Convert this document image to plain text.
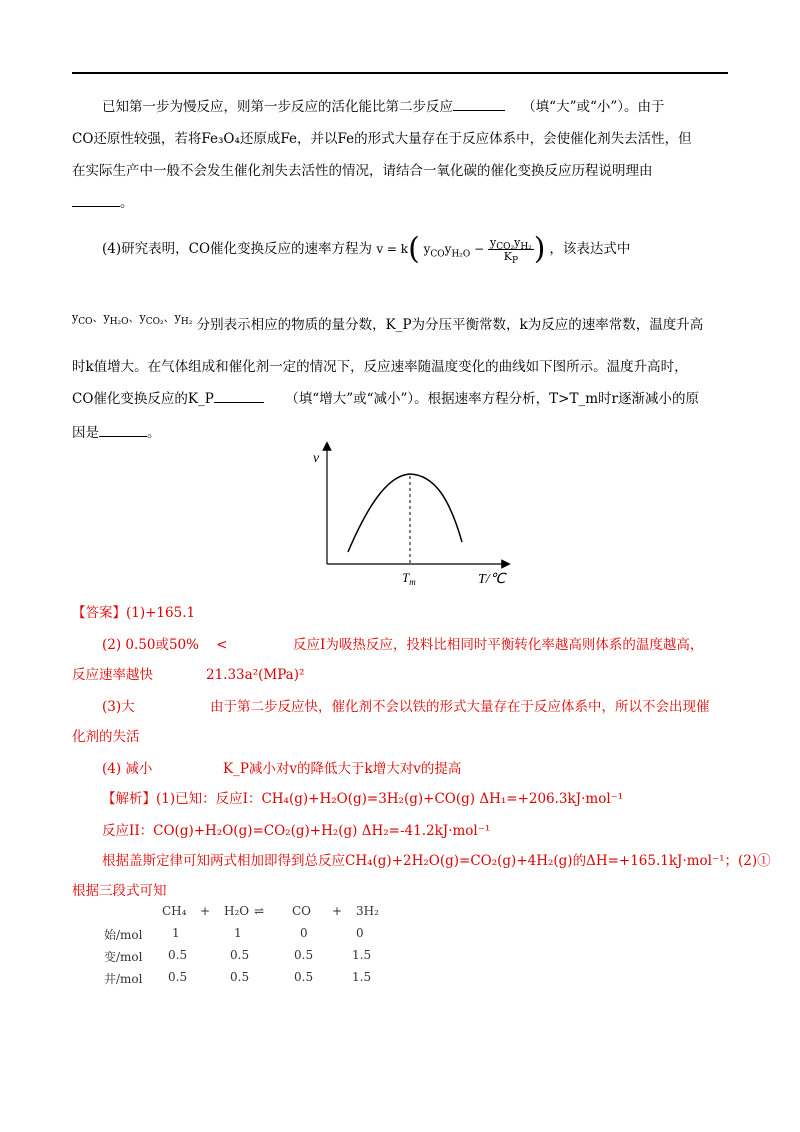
已知第一步为慢反应，则第一步反应的活化能比第二步反应	（填“大”或“小”）。由于
CO还原性较强，若将Fe₃O₄还原成Fe，并以Fe的形式大量存在于反应体系中，会使催化剂失去活性，但
在实际生产中一般不会发生催化剂失去活性的情况，请结合一氧化碳的催化变换反应历程说明理由
。
(4)研究表明，CO催化变换反应的速率方程为 v = k( $y_{CO}y_{H_2O} - \frac{y_{CO_2}y_{H_2}}{K_P}$ ) ，该表达式中
$^{y_{CO}、y_{H_2O}、y_{CO_2}、y_{H_2}}$ 分别表示相应的物质的量分数，K_P为分压平衡常数，k为反应的速率常数，温度升高
时k值增大。在气体组成和催化剂一定的情况下，反应速率随温度变化的曲线如下图所示。温度升高时，
CO催化变换反应的K_P	（填“增大”或“减小”）。根据速率方程分析，T>T_m时r逐渐减小的原
因是	。
v
$T_m$	T/℃
【答案】(1)+165.1
(2) 0.50或50% <	反应I为吸热反应，投料比相同时平衡转化率越高则体系的温度越高，
反应速率越快	21.33a²(MPa)²
(3)大	由于第二步反应快，催化剂不会以铁的形式大量存在于反应体系中，所以不会出现催
化剂的失活
(4) 减小	K_P减小对v的降低大于k增大对v的提高
【解析】(1)已知：反应I：CH₄(g)+H₂O(g)=3H₂(g)+CO(g) ΔH₁=+206.3kJ·mol⁻¹
反应II：CO(g)+H₂O(g)=CO₂(g)+H₂(g) ΔH₂=-41.2kJ·mol⁻¹
根据盖斯定律可知两式相加即得到总反应CH₄(g)+2H₂O(g)=CO₂(g)+4H₂(g)的ΔH=+165.1kJ·mol⁻¹；(2)①
根据三段式可知
CH₄ + H₂O ⇌ CO + 3H₂
始/mol 1	1	0	0
变/mol 0.5	0.5	0.5	1.5
井/mol 0.5	0.5	0.5	1.5
